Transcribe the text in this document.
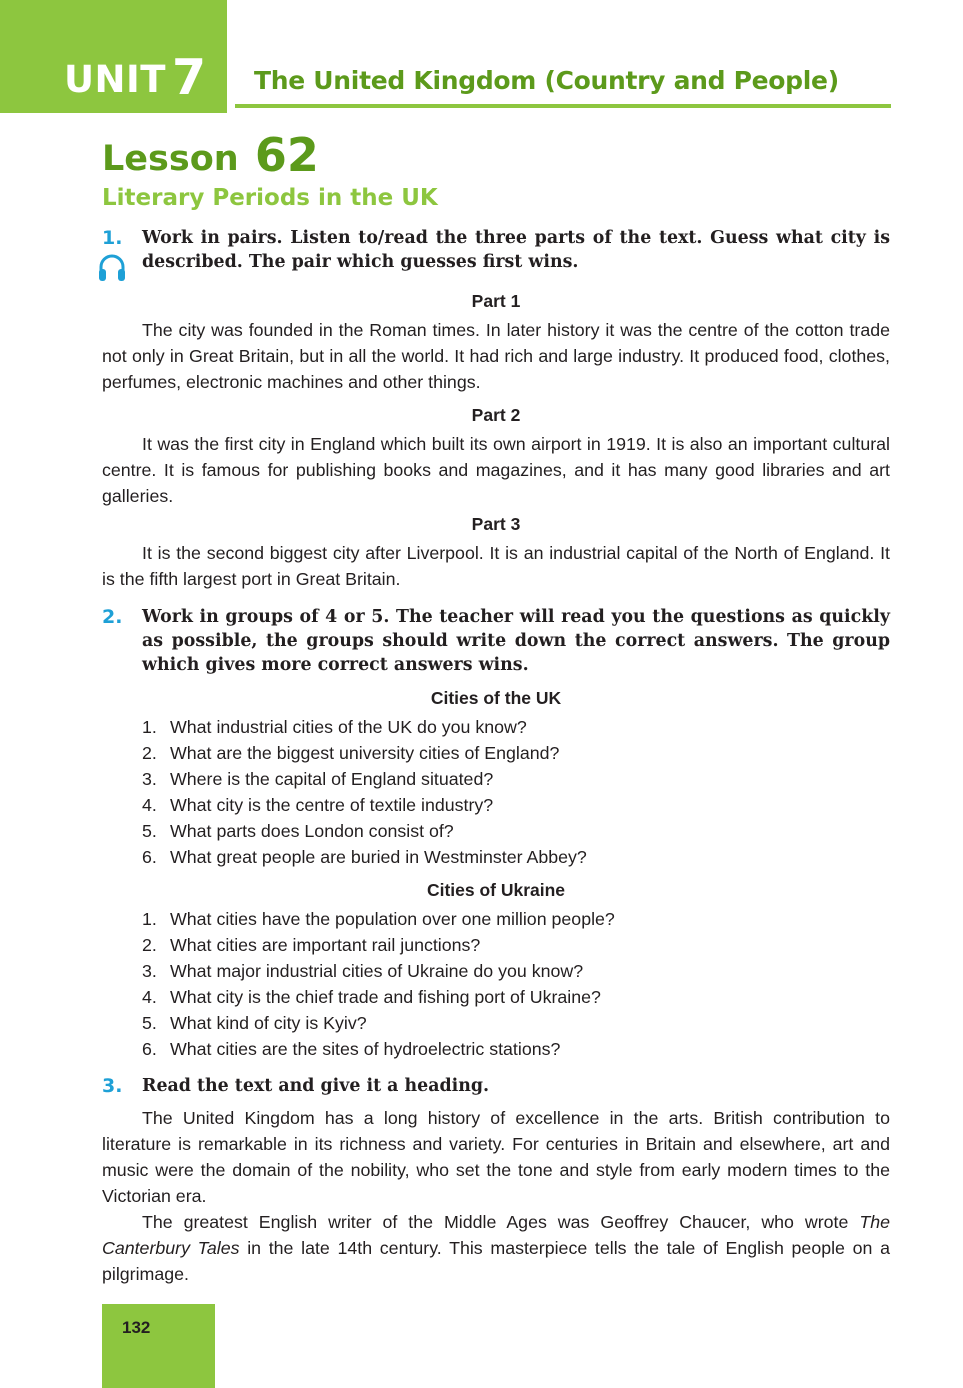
UNIT 7 The United Kingdom (Country and People)
Lesson 62
Literary Periods in the UK
1. Work in pairs. Listen to/read the three parts of the text. Guess what city is described. The pair which guesses first wins.
Part 1
The city was founded in the Roman times. In later history it was the centre of the cotton trade not only in Great Britain, but in all the world. It had rich and large industry. It produced food, clothes, perfumes, electronic machines and other things.
Part 2
It was the first city in England which built its own airport in 1919. It is also an important cultural centre. It is famous for publishing books and magazines, and it has many good libraries and art galleries.
Part 3
It is the second biggest city after Liverpool. It is an industrial capital of the North of England. It is the fifth largest port in Great Britain.
2. Work in groups of 4 or 5. The teacher will read you the questions as quickly as possible, the groups should write down the correct answers. The group which gives more correct answers wins.
Cities of the UK
1. What industrial cities of the UK do you know?
2. What are the biggest university cities of England?
3. Where is the capital of England situated?
4. What city is the centre of textile industry?
5. What parts does London consist of?
6. What great people are buried in Westminster Abbey?
Cities of Ukraine
1. What cities have the population over one million people?
2. What cities are important rail junctions?
3. What major industrial cities of Ukraine do you know?
4. What city is the chief trade and fishing port of Ukraine?
5. What kind of city is Kyiv?
6. What cities are the sites of hydroelectric stations?
3. Read the text and give it a heading.
The United Kingdom has a long history of excellence in the arts. British contribution to literature is remarkable in its richness and variety. For centuries in Britain and elsewhere, art and music were the domain of the nobility, who set the tone and style from early modern times to the Victorian era.
The greatest English writer of the Middle Ages was Geoffrey Chaucer, who wrote The Canterbury Tales in the late 14th century. This masterpiece tells the tale of English people on a pilgrimage.
132
